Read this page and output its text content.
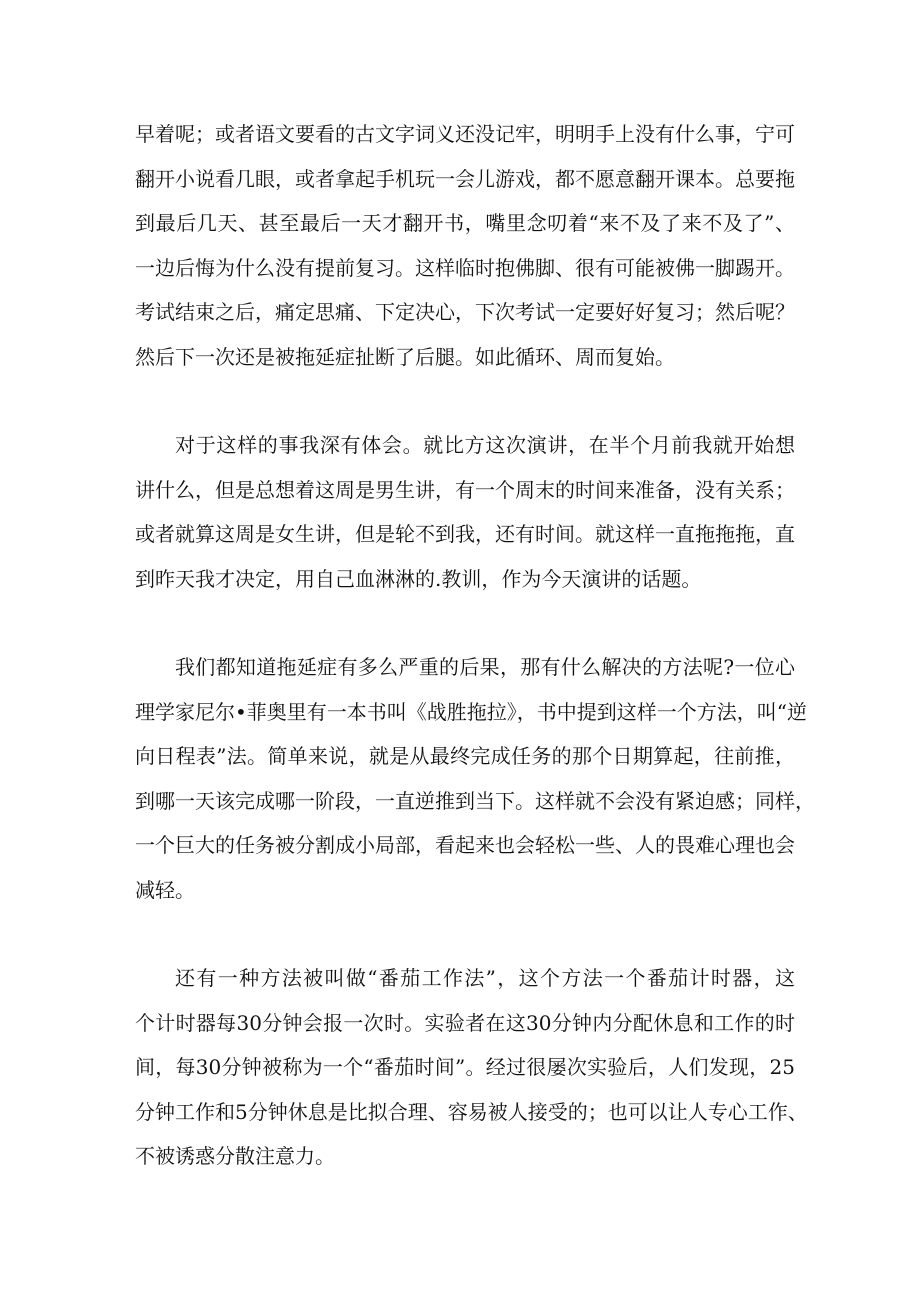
早着呢；或者语文要看的古文字词义还没记牢，明明手上没有什么事，宁可
翻开小说看几眼，或者拿起手机玩一会儿游戏，都不愿意翻开课本。总要拖
到最后几天、甚至最后一天才翻开书，嘴里念叨着“来不及了来不及了”、
一边后悔为什么没有提前复习。这样临时抱佛脚、很有可能被佛一脚踢开。
考试结束之后，痛定思痛、下定决心，下次考试一定要好好复习；然后呢？
然后下一次还是被拖延症扯断了后腿。如此循环、周而复始。

对于这样的事我深有体会。就比方这次演讲，在半个月前我就开始想
讲什么，但是总想着这周是男生讲，有一个周末的时间来准备，没有关系；
或者就算这周是女生讲，但是轮不到我，还有时间。就这样一直拖拖拖，直
到昨天我才决定，用自己血淋淋的.教训，作为今天演讲的话题。

我们都知道拖延症有多么严重的后果，那有什么解决的方法呢?一位心
理学家尼尔•菲奥里有一本书叫《战胜拖拉》，书中提到这样一个方法，叫“逆
向日程表”法。简单来说，就是从最终完成任务的那个日期算起，往前推，
到哪一天该完成哪一阶段，一直逆推到当下。这样就不会没有紧迫感；同样，
一个巨大的任务被分割成小局部，看起来也会轻松一些、人的畏难心理也会
减轻。

还有一种方法被叫做“番茄工作法”，这个方法一个番茄计时器，这
个计时器每30分钟会报一次时。实验者在这30分钟内分配休息和工作的时
间，每30分钟被称为一个“番茄时间”。经过很屡次实验后，人们发现，25
分钟工作和5分钟休息是比拟合理、容易被人接受的；也可以让人专心工作、
不被诱惑分散注意力。
